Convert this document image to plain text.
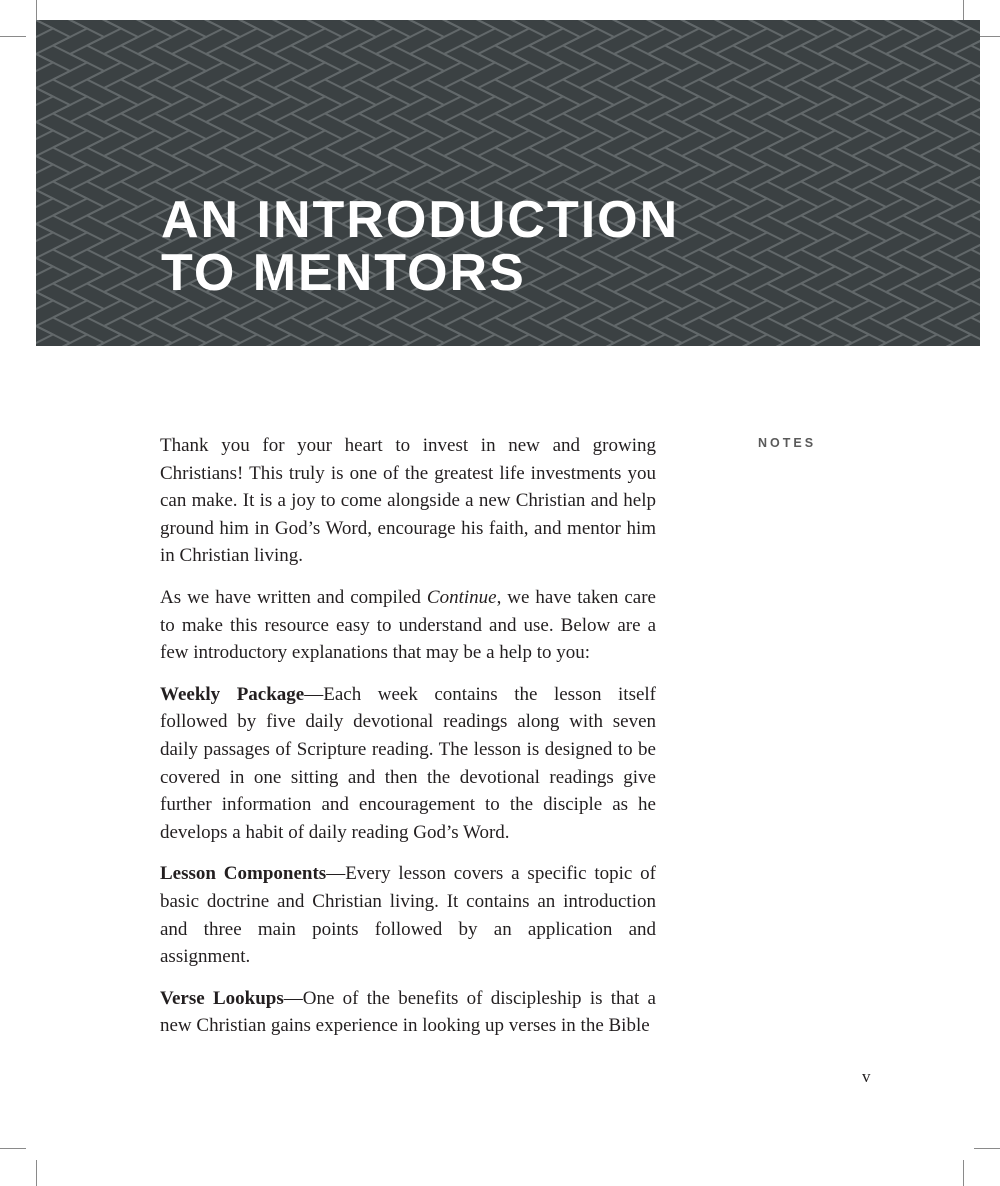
AN INTRODUCTION
TO MENTORS
NOTES

Thank you for your heart to invest in new and growing Christians! This truly is one of the greatest life investments you can make. It is a joy to come alongside a new Christian and help ground him in God’s Word, encourage his faith, and mentor him in Christian living.

As we have written and compiled Continue, we have taken care to make this resource easy to understand and use. Below are a few introductory explanations that may be a help to you:

Weekly Package—Each week contains the lesson itself followed by five daily devotional readings along with seven daily passages of Scripture reading. The lesson is designed to be covered in one sitting and then the devotional readings give further information and encouragement to the disciple as he develops a habit of daily reading God’s Word.

Lesson Components—Every lesson covers a specific topic of basic doctrine and Christian living. It contains an introduction and three main points followed by an application and assignment.

Verse Lookups—One of the benefits of discipleship is that a new Christian gains experience in looking up verses in the Bible

v
